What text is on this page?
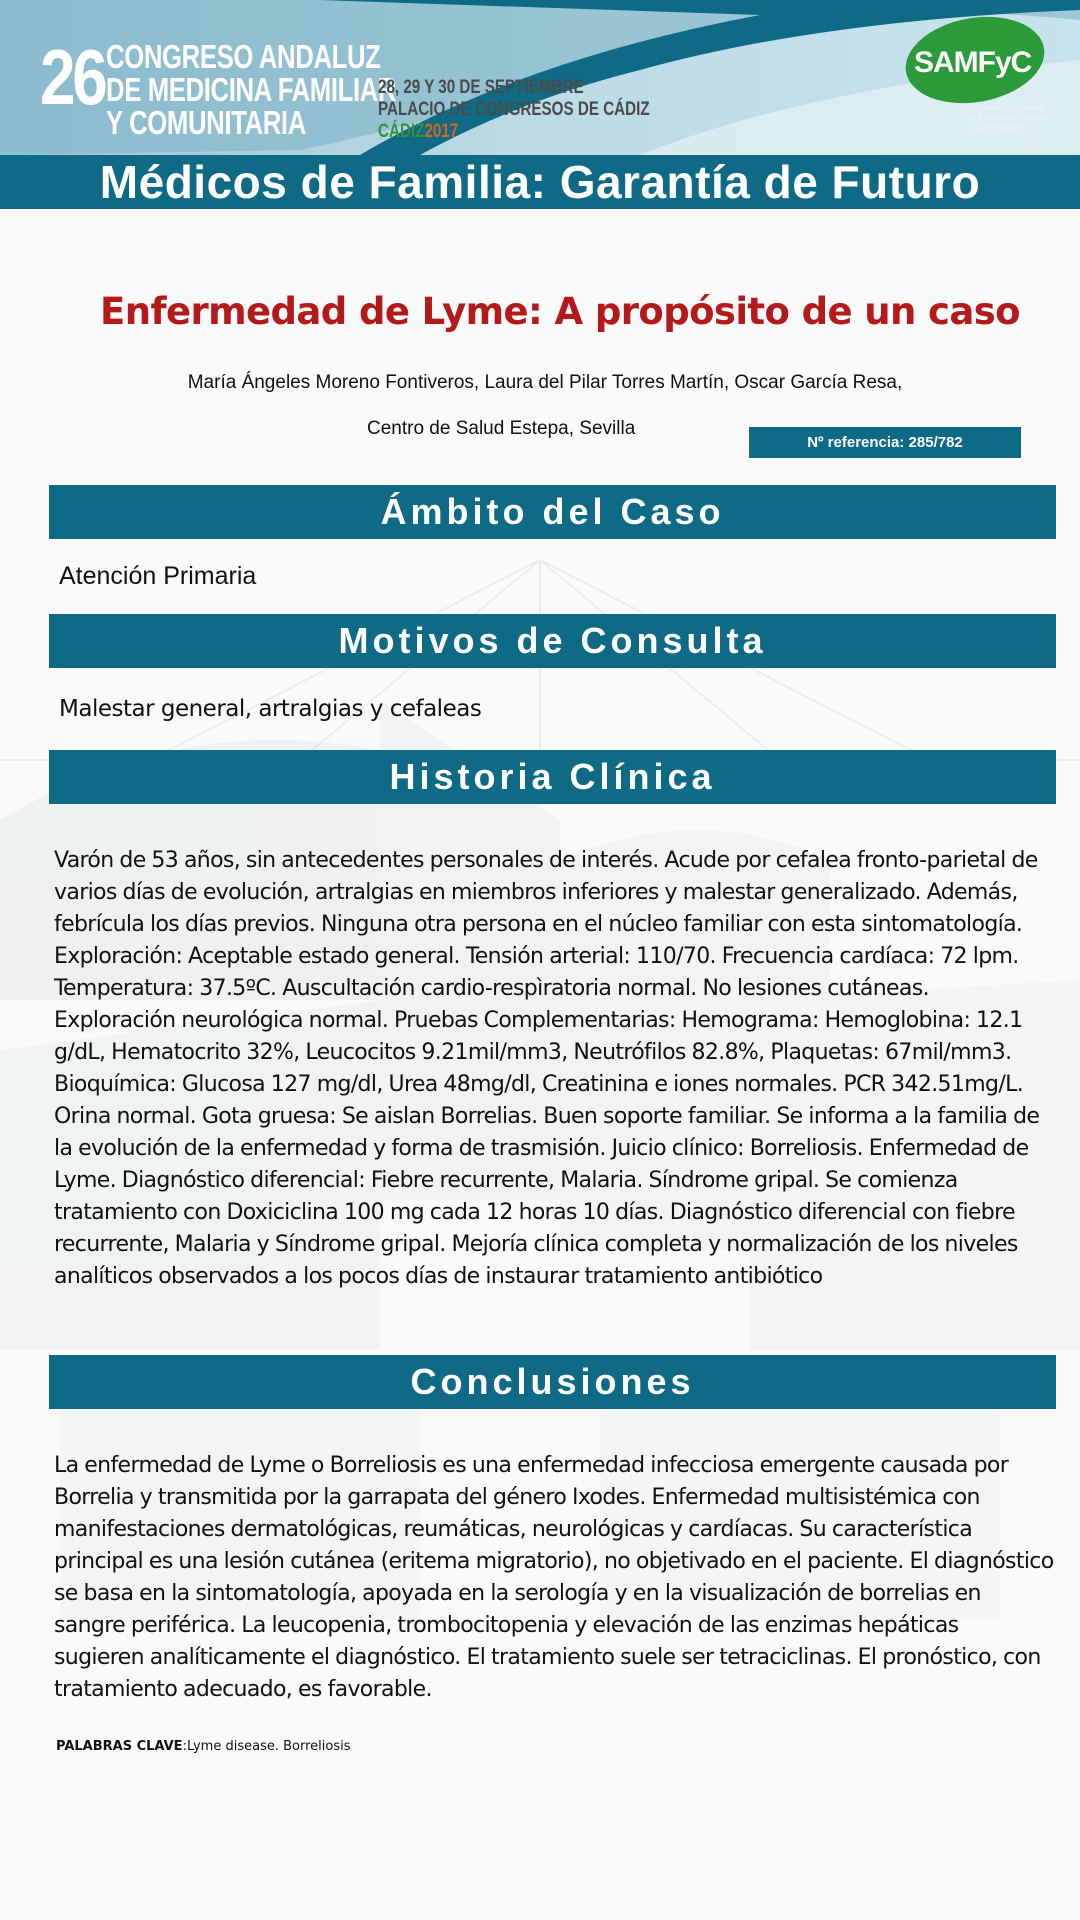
26 CONGRESO ANDALUZ
DE MEDICINA FAMILIAR
Y COMUNITARIA
28, 29 Y 30 DE SEPTIEMBRE
PALACIO DE CONGRESOS DE CÁDIZ
CÁDIZ2017
SAMFyC
Sociedad Andaluza de Medicina Familiar y Comunitaria
Médicos de Familia: Garantía de Futuro
Enfermedad de Lyme: A propósito de un caso
María Ángeles Moreno Fontiveros, Laura del Pilar Torres Martín, Oscar García Resa,
Centro de Salud Estepa, Sevilla
Nº referencia: 285/782
Ámbito del Caso
Atención Primaria
Motivos de Consulta
Malestar general, artralgias y cefaleas
Historia Clínica
Varón de 53 años, sin antecedentes personales de interés. Acude por cefalea fronto-parietal de varios días de evolución, artralgias en miembros inferiores y malestar generalizado. Además, febrícula los días previos. Ninguna otra persona en el núcleo familiar con esta sintomatología. Exploración: Aceptable estado general. Tensión arterial: 110/70. Frecuencia cardíaca: 72 lpm. Temperatura: 37.5ºC. Auscultación cardio-respìratoria normal. No lesiones cutáneas. Exploración neurológica normal. Pruebas Complementarias: Hemograma: Hemoglobina: 12.1 g/dL, Hematocrito 32%, Leucocitos 9.21mil/mm3, Neutrófilos 82.8%, Plaquetas: 67mil/mm3. Bioquímica: Glucosa 127 mg/dl, Urea 48mg/dl, Creatinina e iones normales. PCR 342.51mg/L. Orina normal. Gota gruesa: Se aislan Borrelias. Buen soporte familiar. Se informa a la familia de la evolución de la enfermedad y forma de trasmisión. Juicio clínico: Borreliosis. Enfermedad de Lyme. Diagnóstico diferencial: Fiebre recurrente, Malaria. Síndrome gripal. Se comienza tratamiento con Doxiciclina 100 mg cada 12 horas 10 días. Diagnóstico diferencial con fiebre recurrente, Malaria y Síndrome gripal. Mejoría clínica completa y normalización de los niveles analíticos observados a los pocos días de instaurar tratamiento antibiótico
Conclusiones
La enfermedad de Lyme o Borreliosis es una enfermedad infecciosa emergente causada por Borrelia y transmitida por la garrapata del género Ixodes. Enfermedad multisistémica con manifestaciones dermatológicas, reumáticas, neurológicas y cardíacas. Su característica principal es una lesión cutánea (eritema migratorio), no objetivado en el paciente. El diagnóstico se basa en la sintomatología, apoyada en la serología y en la visualización de borrelias en sangre periférica. La leucopenia, trombocitopenia y elevación de las enzimas hepáticas sugieren analíticamente el diagnóstico. El tratamiento suele ser tetraciclinas. El pronóstico, con tratamiento adecuado, es favorable.
PALABRAS CLAVE:Lyme disease. Borreliosis
